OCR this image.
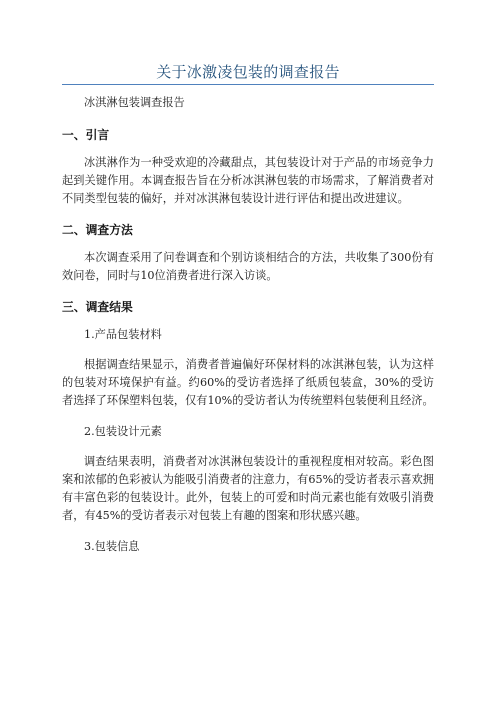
关于冰激凌包装的调查报告

冰淇淋包装调查报告

一、引言

冰淇淋作为一种受欢迎的冷藏甜点，其包装设计对于产品的市场竞争力起到关键作用。本调查报告旨在分析冰淇淋包装的市场需求，了解消费者对不同类型包装的偏好，并对冰淇淋包装设计进行评估和提出改进建议。

二、调查方法

本次调查采用了问卷调查和个别访谈相结合的方法，共收集了300份有效问卷，同时与10位消费者进行深入访谈。

三、调查结果

1.产品包装材料

根据调查结果显示，消费者普遍偏好环保材料的冰淇淋包装，认为这样的包装对环境保护有益。约60%的受访者选择了纸质包装盒，30%的受访者选择了环保塑料包装，仅有10%的受访者认为传统塑料包装便利且经济。

2.包装设计元素

调查结果表明，消费者对冰淇淋包装设计的重视程度相对较高。彩色图案和浓郁的色彩被认为能吸引消费者的注意力，有65%的受访者表示喜欢拥有丰富色彩的包装设计。此外，包装上的可爱和时尚元素也能有效吸引消费者，有45%的受访者表示对包装上有趣的图案和形状感兴趣。

3.包装信息
